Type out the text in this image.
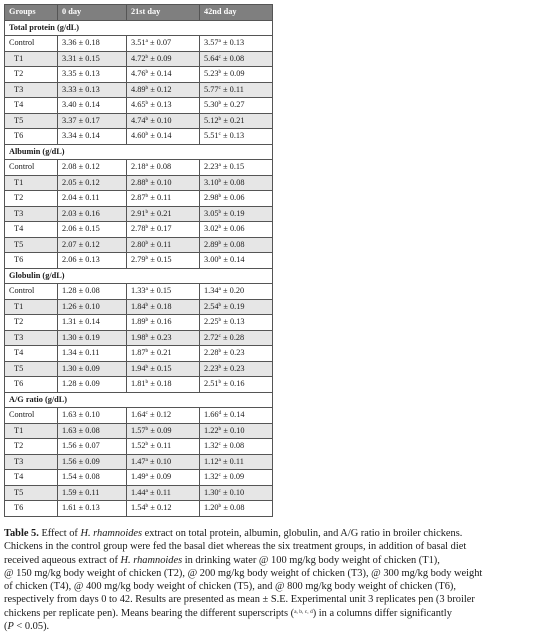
Groups	0 day	21st day	42nd day
Total protein (g/dL)			
Control	3.36 ± 0.18	3.51$^a$ ± 0.07	3.57$^a$ ± 0.13
T1	3.31 ± 0.15	4.72$^b$ ± 0.09	5.64$^c$ ± 0.08
T2	3.35 ± 0.13	4.76$^b$ ± 0.14	5.23$^b$ ± 0.09
T3	3.33 ± 0.13	4.89$^b$ ± 0.12	5.77$^c$ ± 0.11
T4	3.40 ± 0.14	4.65$^b$ ± 0.13	5.30$^b$ ± 0.27
T5	3.37 ± 0.17	4.74$^b$ ± 0.10	5.12$^b$ ± 0.21
T6	3.34 ± 0.14	4.60$^b$ ± 0.14	5.51$^c$ ± 0.13
Albumin (g/dL)			
Control	2.08 ± 0.12	2.18$^a$ ± 0.08	2.23$^a$ ± 0.15
T1	2.05 ± 0.12	2.88$^b$ ± 0.10	3.10$^b$ ± 0.08
T2	2.04 ± 0.11	2.87$^b$ ± 0.11	2.98$^b$ ± 0.06
T3	2.03 ± 0.16	2.91$^b$ ± 0.21	3.05$^b$ ± 0.19
T4	2.06 ± 0.15	2.78$^b$ ± 0.17	3.02$^b$ ± 0.06
T5	2.07 ± 0.12	2.80$^b$ ± 0.11	2.89$^b$ ± 0.08
T6	2.06 ± 0.13	2.79$^b$ ± 0.15	3.00$^b$ ± 0.14
Globulin (g/dL)			
Control	1.28 ± 0.08	1.33$^a$ ± 0.15	1.34$^a$ ± 0.20
T1	1.26 ± 0.10	1.84$^b$ ± 0.18	2.54$^b$ ± 0.19
T2	1.31 ± 0.14	1.89$^b$ ± 0.16	2.25$^b$ ± 0.13
T3	1.30 ± 0.19	1.98$^b$ ± 0.23	2.72$^c$ ± 0.28
T4	1.34 ± 0.11	1.87$^b$ ± 0.21	2.28$^b$ ± 0.23
T5	1.30 ± 0.09	1.94$^b$ ± 0.15	2.23$^b$ ± 0.23
T6	1.28 ± 0.09	1.81$^b$ ± 0.18	2.51$^b$ ± 0.16
A/G ratio (g/dL)			
Control	1.63 ± 0.10	1.64$^c$ ± 0.12	1.66$^d$ ± 0.14
T1	1.63 ± 0.08	1.57$^b$ ± 0.09	1.22$^b$ ± 0.10
T2	1.56 ± 0.07	1.52$^b$ ± 0.11	1.32$^c$ ± 0.08
T3	1.56 ± 0.09	1.47$^a$ ± 0.10	1.12$^a$ ± 0.11
T4	1.54 ± 0.08	1.49$^a$ ± 0.09	1.32$^c$ ± 0.09
T5	1.59 ± 0.11	1.44$^a$ ± 0.11	1.30$^c$ ± 0.10
T6	1.61 ± 0.13	1.54$^b$ ± 0.12	1.20$^b$ ± 0.08
Table 5. Effect of H. rhamnoides extract on total protein, albumin, globulin, and A/G ratio in broiler chickens.
Chickens in the control group were fed the basal diet whereas the six treatment groups, in addition of basal diet
received aqueous extract of H. rhamnoides in drinking water @ 100 mg/kg body weight of chicken (T1),
@ 150 mg/kg body weight of chicken (T2), @ 200 mg/kg body weight of chicken (T3), @ 300 mg/kg body weight
of chicken (T4), @ 400 mg/kg body weight of chicken (T5), and @ 800 mg/kg body weight of chicken (T6),
respectively from days 0 to 42. Results are presented as mean ± S.E. Experimental unit 3 replicates pen (3 broiler
chickens per replicate pen). Means bearing the different superscripts ($^{a, b, c, d}$) in a columns differ significantly
(P < 0.05).
